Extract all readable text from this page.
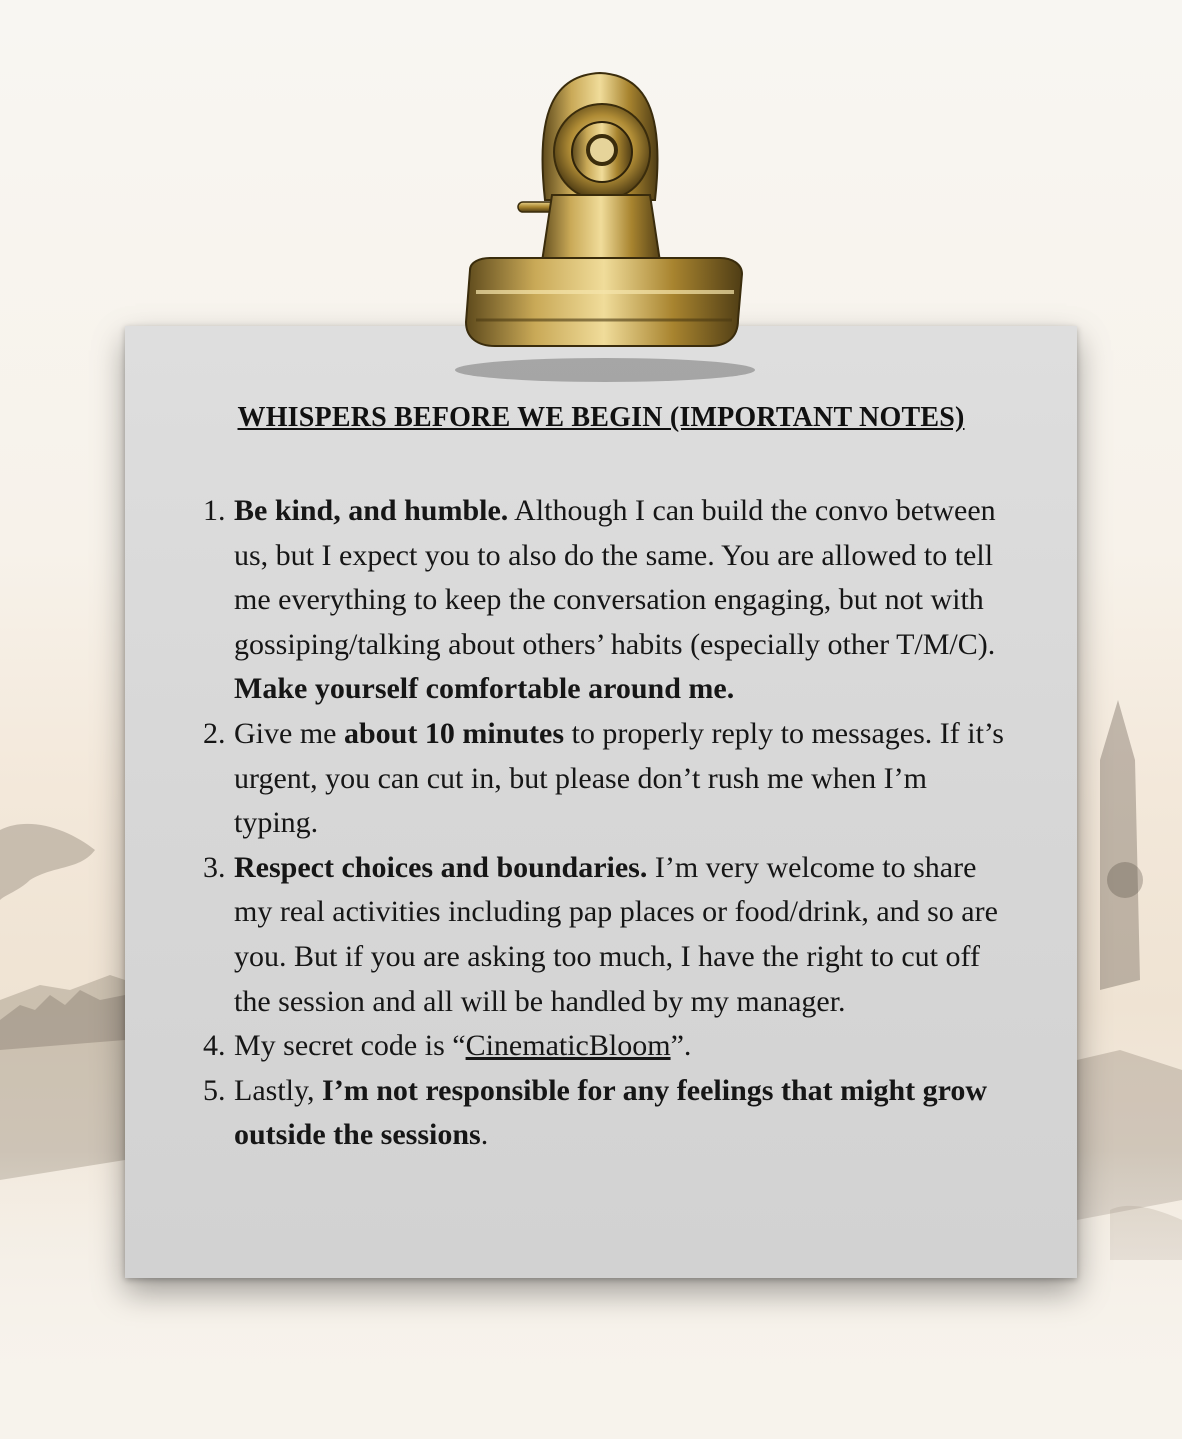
WHISPERS BEFORE WE BEGIN (IMPORTANT NOTES)
1. Be kind, and humble. Although I can build the convo between us, but I expect you to also do the same. You are allowed to tell me everything to keep the conversation engaging, but not with gossiping/talking about others’ habits (especially other T/M/C). Make yourself comfortable around me.
2. Give me about 10 minutes to properly reply to messages. If it’s urgent, you can cut in, but please don’t rush me when I’m typing.
3. Respect choices and boundaries. I’m very welcome to share my real activities including pap places or food/drink, and so are you. But if you are asking too much, I have the right to cut off the session and all will be handled by my manager.
4. My secret code is “CinematicBloom”.
5. Lastly, I’m not responsible for any feelings that might grow outside the sessions.
